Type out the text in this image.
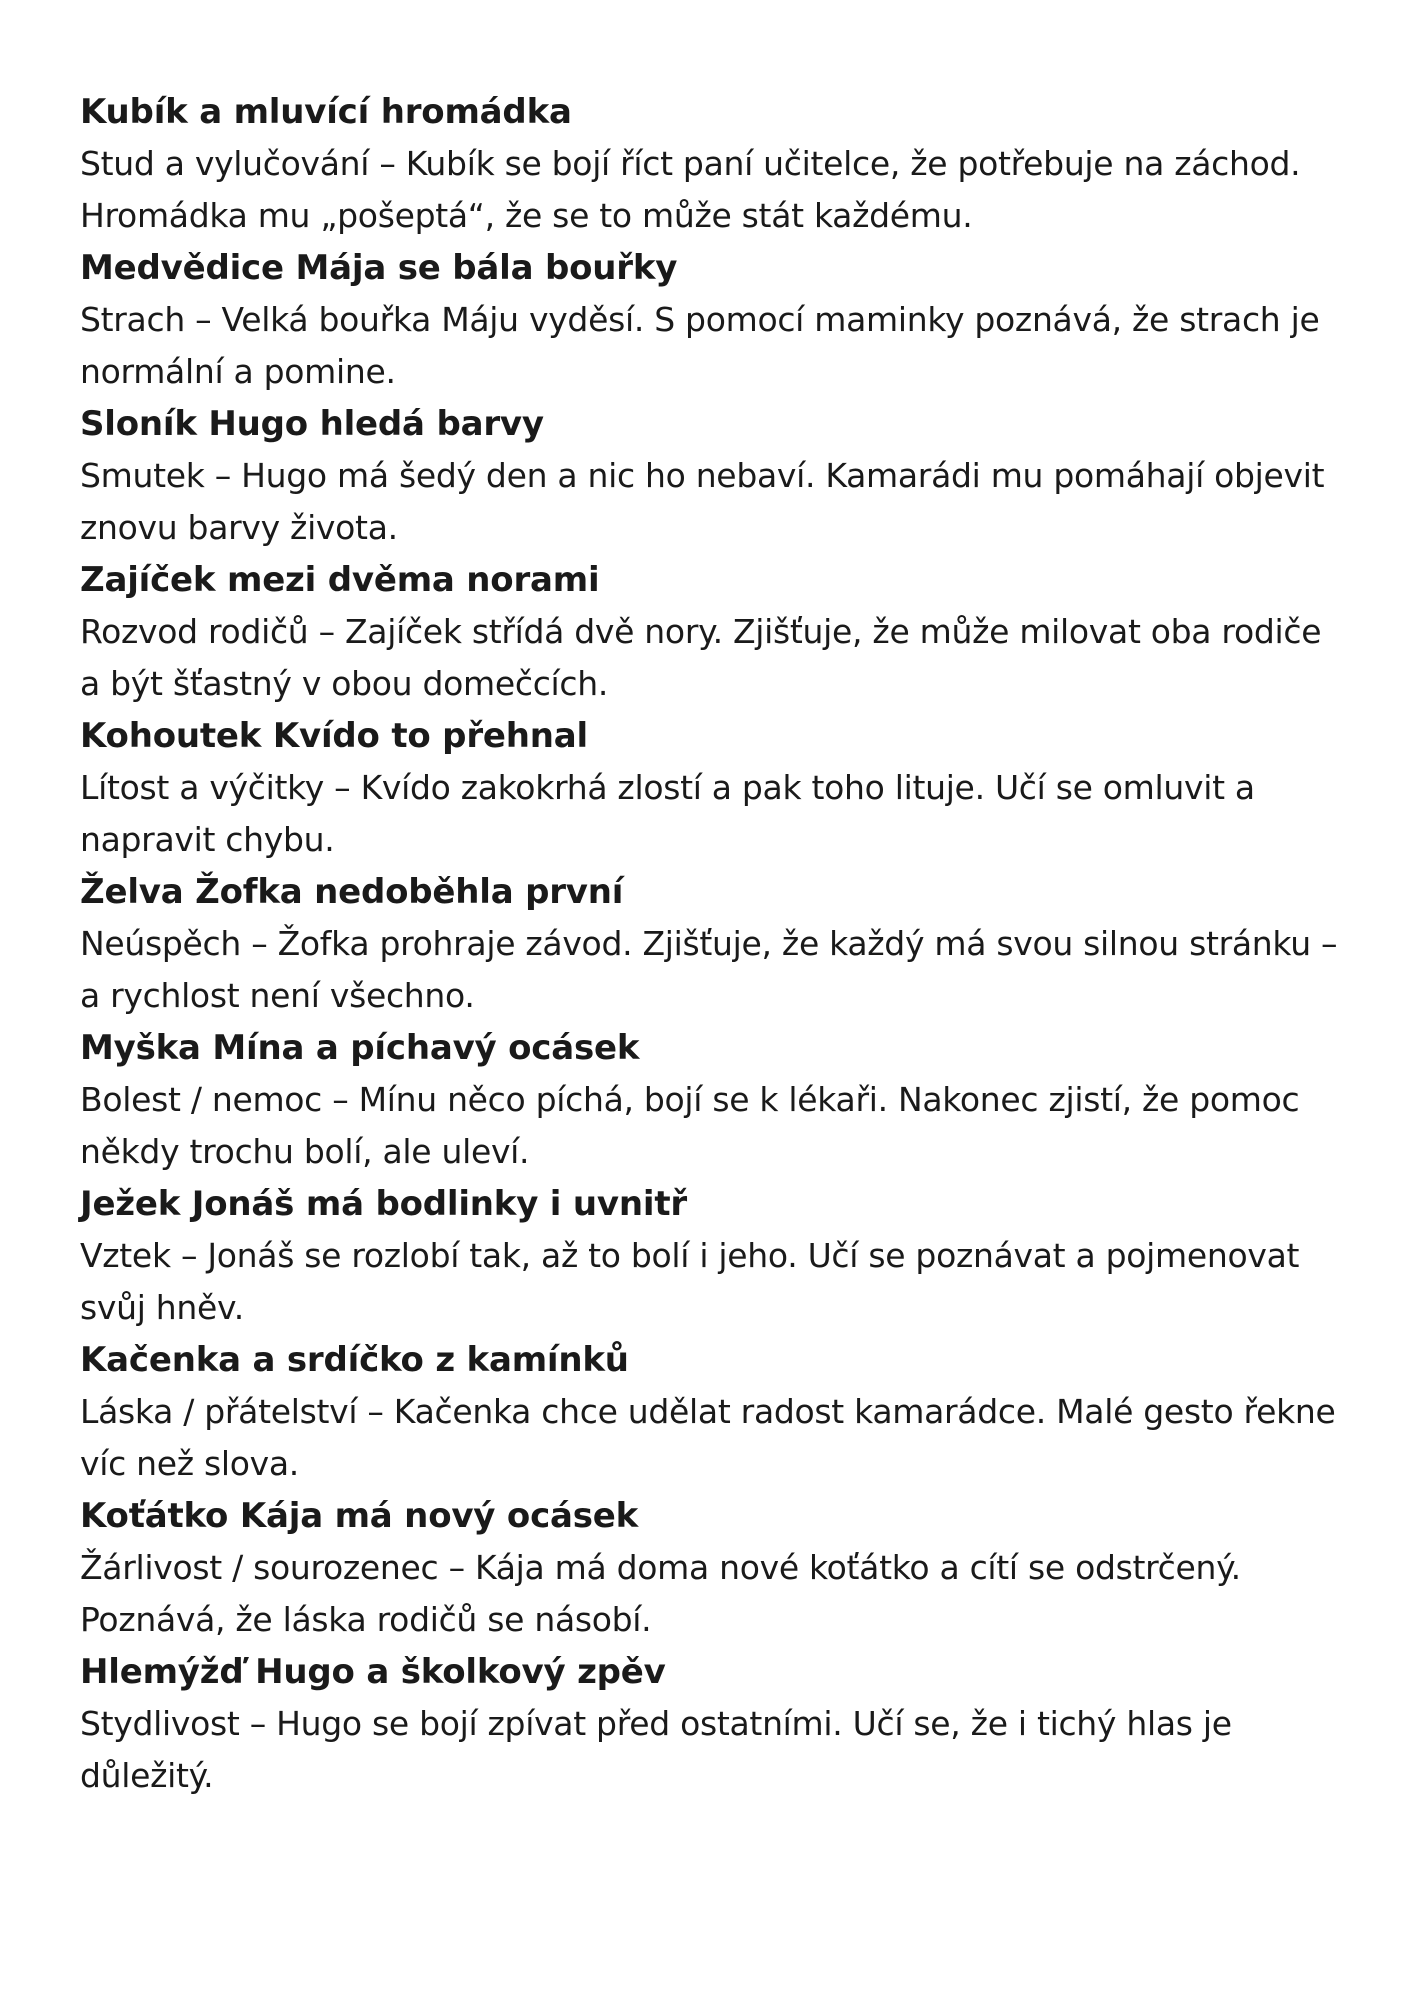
Kubík a mluvící hromádka

Stud a vylučování – Kubík se bojí říct paní učitelce, že potřebuje na záchod. Hromádka mu „pošeptá“, že se to může stát každému.

Medvědice Mája se bála bouřky

Strach – Velká bouřka Máju vyděsí. S pomocí maminky poznává, že strach je normální a pomine.

Sloník Hugo hledá barvy

Smutek – Hugo má šedý den a nic ho nebaví. Kamarádi mu pomáhají objevit znovu barvy života.

Zajíček mezi dvěma norami

Rozvod rodičů – Zajíček střídá dvě nory. Zjišťuje, že může milovat oba rodiče a být šťastný v obou domečcích.

Kohoutek Kvído to přehnal

Lítost a výčitky – Kvído zakokrhá zlostí a pak toho lituje. Učí se omluvit a napravit chybu.

Želva Žofka nedoběhla první

Neúspěch – Žofka prohraje závod. Zjišťuje, že každý má svou silnou stránku – a rychlost není všechno.

Myška Mína a píchavý ocásek

Bolest / nemoc – Mínu něco píchá, bojí se k lékaři. Nakonec zjistí, že pomoc někdy trochu bolí, ale uleví.

Ježek Jonáš má bodlinky i uvnitř

Vztek – Jonáš se rozlobí tak, až to bolí i jeho. Učí se poznávat a pojmenovat svůj hněv.

Kačenka a srdíčko z kamínků

Láska / přátelství – Kačenka chce udělat radost kamarádce. Malé gesto řekne víc než slova.

Koťátko Kája má nový ocásek

Žárlivost / sourozenec – Kája má doma nové koťátko a cítí se odstrčený. Poznává, že láska rodičů se násobí.

Hlemýžď Hugo a školkový zpěv

Stydlivost – Hugo se bojí zpívat před ostatními. Učí se, že i tichý hlas je důležitý.
